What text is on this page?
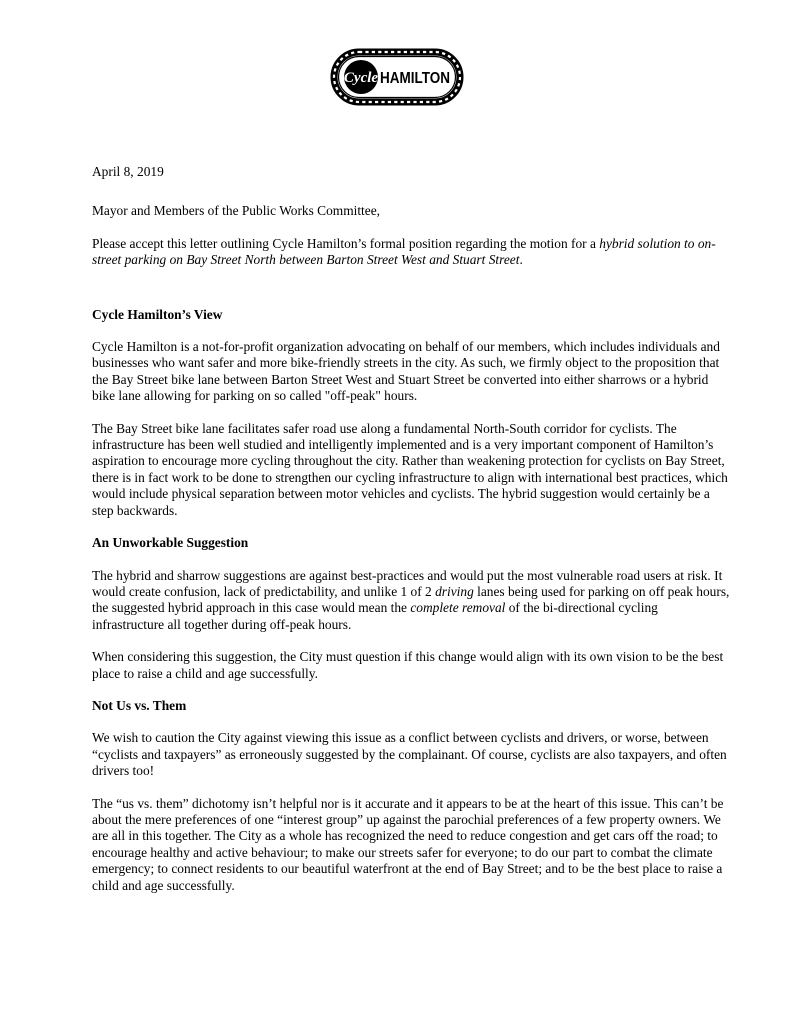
Cycle HAMILTON

April 8, 2019

Mayor and Members of the Public Works Committee,

Please accept this letter outlining Cycle Hamilton’s formal position regarding the motion for a hybrid solution to on-street parking on Bay Street North between Barton Street West and Stuart Street.

Cycle Hamilton’s View

Cycle Hamilton is a not-for-profit organization advocating on behalf of our members, which includes individuals and businesses who want safer and more bike-friendly streets in the city. As such, we firmly object to the proposition that the Bay Street bike lane between Barton Street West and Stuart Street be converted into either sharrows or a hybrid bike lane allowing for parking on so called "off-peak" hours.

The Bay Street bike lane facilitates safer road use along a fundamental North-South corridor for cyclists. The infrastructure has been well studied and intelligently implemented and is a very important component of Hamilton’s aspiration to encourage more cycling throughout the city. Rather than weakening protection for cyclists on Bay Street, there is in fact work to be done to strengthen our cycling infrastructure to align with international best practices, which would include physical separation between motor vehicles and cyclists. The hybrid suggestion would certainly be a step backwards.

An Unworkable Suggestion

The hybrid and sharrow suggestions are against best-practices and would put the most vulnerable road users at risk. It would create confusion, lack of predictability, and unlike 1 of 2 driving lanes being used for parking on off peak hours, the suggested hybrid approach in this case would mean the complete removal of the bi-directional cycling infrastructure all together during off-peak hours.

When considering this suggestion, the City must question if this change would align with its own vision to be the best place to raise a child and age successfully.

Not Us vs. Them

We wish to caution the City against viewing this issue as a conflict between cyclists and drivers, or worse, between “cyclists and taxpayers” as erroneously suggested by the complainant. Of course, cyclists are also taxpayers, and often drivers too!

The “us vs. them” dichotomy isn’t helpful nor is it accurate and it appears to be at the heart of this issue. This can’t be about the mere preferences of one “interest group” up against the parochial preferences of a few property owners. We are all in this together. The City as a whole has recognized the need to reduce congestion and get cars off the road; to encourage healthy and active behaviour; to make our streets safer for everyone; to do our part to combat the climate emergency; to connect residents to our beautiful waterfront at the end of Bay Street; and to be the best place to raise a child and age successfully.
